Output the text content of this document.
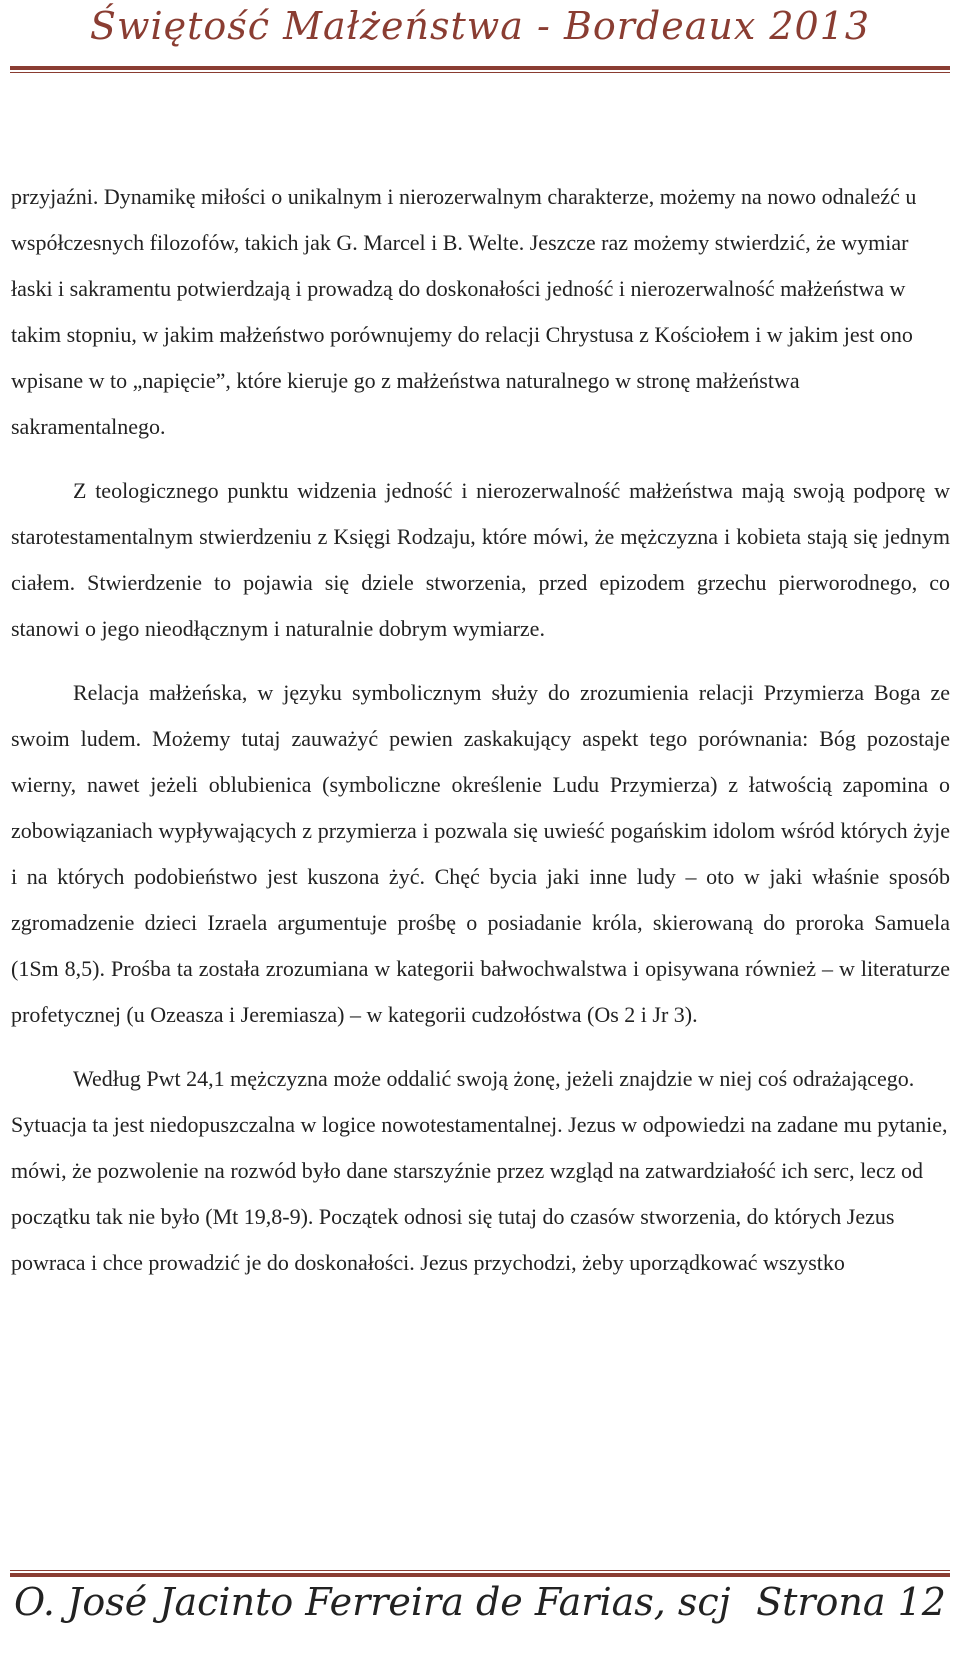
Świętość Małżeństwa - Bordeaux 2013

przyjaźni. Dynamikę miłości o unikalnym i nierozerwalnym charakterze, możemy na nowo odnaleźć u współczesnych filozofów, takich jak G. Marcel i B. Welte. Jeszcze raz możemy stwierdzić, że wymiar łaski i sakramentu potwierdzają i prowadzą do doskonałości jedność i nierozerwalność małżeństwa w takim stopniu, w jakim małżeństwo porównujemy do relacji Chrystusa z Kościołem i w jakim jest ono wpisane w to „napięcie”, które kieruje go z małżeństwa naturalnego w stronę małżeństwa sakramentalnego.

Z teologicznego punktu widzenia jedność i nierozerwalność małżeństwa mają swoją podporę w starotestamentalnym stwierdzeniu z Księgi Rodzaju, które mówi, że mężczyzna i kobieta stają się jednym ciałem. Stwierdzenie to pojawia się dziele stworzenia, przed epizodem grzechu pierworodnego, co stanowi o jego nieodłącznym i naturalnie dobrym wymiarze.

Relacja małżeńska, w języku symbolicznym służy do zrozumienia relacji Przymierza Boga ze swoim ludem. Możemy tutaj zauważyć pewien zaskakujący aspekt tego porównania: Bóg pozostaje wierny, nawet jeżeli oblubienica (symboliczne określenie Ludu Przymierza) z łatwością zapomina o zobowiązaniach wypływających z przymierza i pozwala się uwieść pogańskim idolom wśród których żyje i na których podobieństwo jest kuszona żyć. Chęć bycia jaki inne ludy – oto w jaki właśnie sposób zgromadzenie dzieci Izraela argumentuje prośbę o posiadanie króla, skierowaną do proroka Samuela (1Sm 8,5). Prośba ta została zrozumiana w kategorii bałwochwalstwa i opisywana również – w literaturze profetycznej (u Ozeasza i Jeremiasza) – w kategorii cudzołóstwa (Os 2 i Jr 3).

Według Pwt 24,1 mężczyzna może oddalić swoją żonę, jeżeli znajdzie w niej coś odrażającego. Sytuacja ta jest niedopuszczalna w logice nowotestamentalnej. Jezus w odpowiedzi na zadane mu pytanie, mówi, że pozwolenie na rozwód było dane starszyźnie przez wzgląd na zatwardziałość ich serc, lecz od początku tak nie było (Mt 19,8-9). Początek odnosi się tutaj do czasów stworzenia, do których Jezus powraca i chce prowadzić je do doskonałości. Jezus przychodzi, żeby uporządkować wszystko

O. José Jacinto Ferreira de Farias, scj Strona 12
